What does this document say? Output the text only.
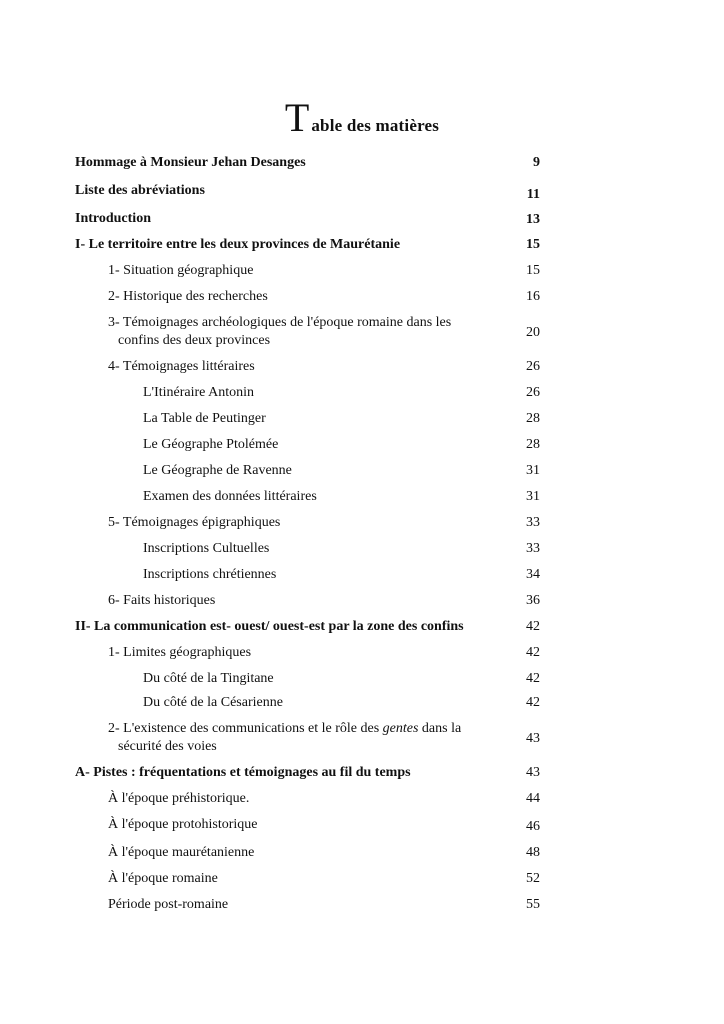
Table des matières
Hommage à Monsieur Jehan Desanges	9
Liste des abréviations	11
Introduction	13
I- Le territoire entre les deux provinces de Maurétanie	15
1- Situation géographique	15
2- Historique des recherches	16
3- Témoignages archéologiques de l'époque romaine dans les
confins des deux provinces
20
4- Témoignages littéraires	26
L'Itinéraire Antonin	26
La Table de Peutinger	28
Le Géographe Ptolémée	28
Le Géographe de Ravenne	31
Examen des données littéraires	31
5- Témoignages épigraphiques	33
Inscriptions Cultuelles	33
Inscriptions chrétiennes	34
6- Faits historiques	36
II- La communication est- ouest/ ouest-est par la zone des confins	42
1- Limites géographiques	42
Du côté de la Tingitane	42
Du côté de la Césarienne	42
2- L'existence des communications et le rôle des gentes dans la
sécurité des voies
43
A- Pistes : fréquentations et témoignages au fil du temps	43
À l'époque préhistorique.	44
À l'époque protohistorique	46
À l'époque maurétanienne	48
À l'époque romaine	52
Période post-romaine	55
